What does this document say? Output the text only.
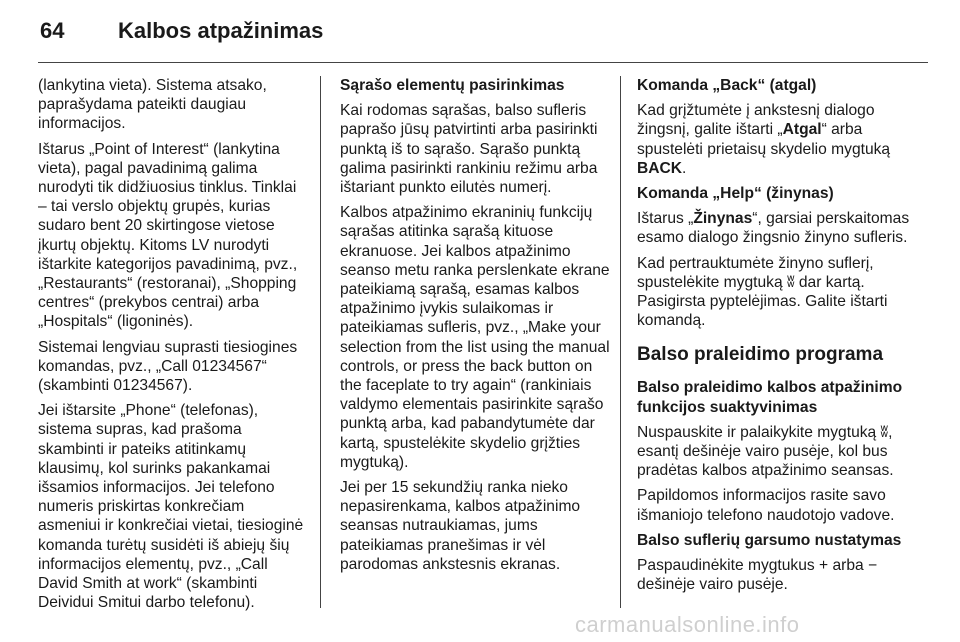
64	Kalbos atpažinimas

(lankytina vieta). Sistema atsako, paprašydama pateikti daugiau informacijos.

Ištarus „Point of Interest“ (lankytina vieta), pagal pavadinimą galima nurodyti tik didžiuosius tinklus. Tinklai – tai verslo objektų grupės, kurias sudaro bent 20 skirtingose vietose įkurtų objektų. Kitoms LV nurodyti ištarkite kategorijos pavadinimą, pvz., „Restaurants“ (restoranai), „Shopping centres“ (prekybos centrai) arba „Hospitals“ (ligoninės).

Sistemai lengviau suprasti tiesiogines komandas, pvz., „Call 01234567“ (skambinti 01234567).

Jei ištarsite „Phone“ (telefonas), sistema supras, kad prašoma skambinti ir pateiks atitinkamų klausimų, kol surinks pakankamai išsamios informacijos. Jei telefono numeris priskirtas konkrečiam asmeniui ir konkrečiai vietai, tiesioginė komanda turėtų susidėti iš abiejų šių informacijos elementų, pvz., „Call David Smith at work“ (skambinti Deividui Smitui darbo telefonu).

Sąrašo elementų pasirinkimas

Kai rodomas sąrašas, balso sufleris paprašo jūsų patvirtinti arba pasirinkti punktą iš to sąrašo. Sąrašo punktą galima pasirinkti rankiniu režimu arba ištariant punkto eilutės numerį.

Kalbos atpažinimo ekraninių funkcijų sąrašas atitinka sąrašą kituose ekranuose. Jei kalbos atpažinimo seanso metu ranka perslenkate ekrane pateikiamą sąrašą, esamas kalbos atpažinimo įvykis sulaikomas ir pateikiamas sufleris, pvz., „Make your selection from the list using the manual controls, or press the back button on the faceplate to try again“ (rankiniais valdymo elementais pasirinkite sąrašo punktą arba, kad pabandytumėte dar kartą, spustelėkite skydelio grįžties mygtuką).

Jei per 15 sekundžių ranka nieko nepasirenkama, kalbos atpažinimo seansas nutraukiamas, jums pateikiamas pranešimas ir vėl parodomas ankstesnis ekranas.

Komanda „Back“ (atgal)

Kad grįžtumėte į ankstesnį dialogo žingsnį, galite ištarti „Atgal“ arba spustelėti prietaisų skydelio mygtuką BACK.

Komanda „Help“ (žinynas)

Ištarus „Žinynas“, garsiai perskaitomas esamo dialogo žingsnio žinyno sufleris.

Kad pertrauktumėte žinyno suflerį, spustelėkite mygtuką ʬ dar kartą. Pasigirsta pyptelėjimas. Galite ištarti komandą.

Balso praleidimo programa

Balso praleidimo kalbos atpažinimo funkcijos suaktyvinimas

Nuspauskite ir palaikykite mygtuką ʬ, esantį dešinėje vairo pusėje, kol bus pradėtas kalbos atpažinimo seansas.

Papildomos informacijos rasite savo išmaniojo telefono naudotojo vadove.

Balso suflerių garsumo nustatymas

Paspaudinėkite mygtukus + arba − dešinėje vairo pusėje.

carmanualsonline.info
